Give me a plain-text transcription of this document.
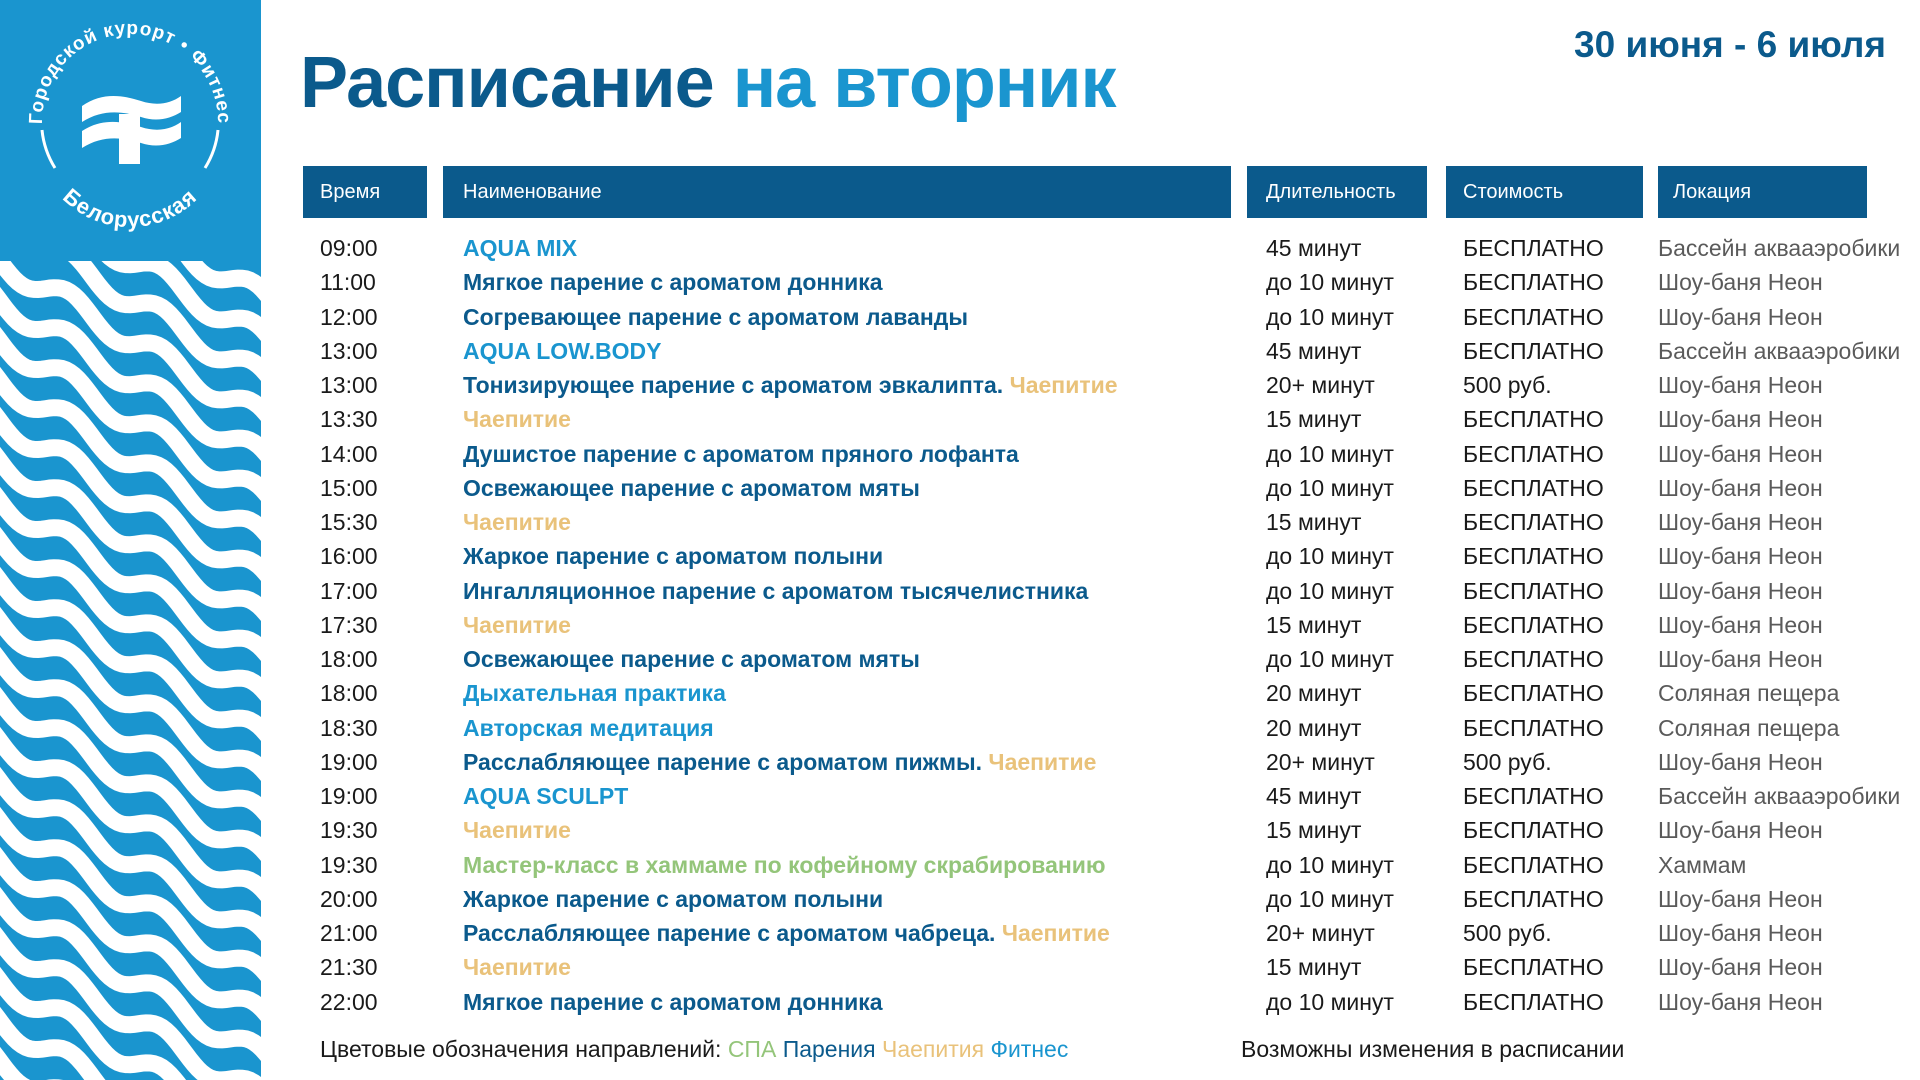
Городской курорт • Фитнес
Белорусская
Расписание на вторник	30 июня - 6 июля
Время	Наименование	Длительность	Стоимость	Локация
09:00	AQUA MIX	45 минут	БЕСПЛАТНО Бассейн аквааэробики
11:00	Мягкое парение с ароматом донника	до 10 минут	БЕСПЛАТНО Шоу-баня Неон
12:00	Согревающее парение с ароматом лаванды	до 10 минут	БЕСПЛАТНО Шоу-баня Неон
13:00	AQUA LOW.BODY	45 минут	БЕСПЛАТНО Бассейн аквааэробики
13:00	Тонизирующее парение с ароматом эвкалипта. Чаепитие	20+ минут	500 руб.	Шоу-баня Неон
13:30	Чаепитие	15 минут	БЕСПЛАТНО Шоу-баня Неон
14:00	Душистое парение с ароматом пряного лофанта	до 10 минут	БЕСПЛАТНО Шоу-баня Неон
15:00	Освежающее парение с ароматом мяты	до 10 минут	БЕСПЛАТНО Шоу-баня Неон
15:30	Чаепитие	15 минут	БЕСПЛАТНО Шоу-баня Неон
16:00	Жаркое парение с ароматом полыни	до 10 минут	БЕСПЛАТНО Шоу-баня Неон
17:00	Ингалляционное парение с ароматом тысячелистника	до 10 минут	БЕСПЛАТНО Шоу-баня Неон
17:30	Чаепитие	15 минут	БЕСПЛАТНО Шоу-баня Неон
18:00	Освежающее парение с ароматом мяты	до 10 минут	БЕСПЛАТНО Шоу-баня Неон
18:00	Дыхательная практика	20 минут	БЕСПЛАТНО Соляная пещера
18:30	Авторская медитация	20 минут	БЕСПЛАТНО Соляная пещера
19:00	Расслабляющее парение с ароматом пижмы. Чаепитие	20+ минут	500 руб.	Шоу-баня Неон
19:00	AQUA SCULPT	45 минут	БЕСПЛАТНО Бассейн аквааэробики
19:30	Чаепитие	15 минут	БЕСПЛАТНО Шоу-баня Неон
19:30	Мастер-класс в хаммаме по кофейному скрабированию	до 10 минут	БЕСПЛАТНО Хаммам
20:00	Жаркое парение с ароматом полыни	до 10 минут	БЕСПЛАТНО Шоу-баня Неон
21:00	Расслабляющее парение с ароматом чабреца. Чаепитие	20+ минут	500 руб.	Шоу-баня Неон
21:30	Чаепитие	15 минут	БЕСПЛАТНО Шоу-баня Неон
22:00	Мягкое парение с ароматом донника	до 10 минут	БЕСПЛАТНО Шоу-баня Неон
Цветовые обозначения направлений: СПА Парения Чаепития Фитнес	Возможны изменения в расписании
